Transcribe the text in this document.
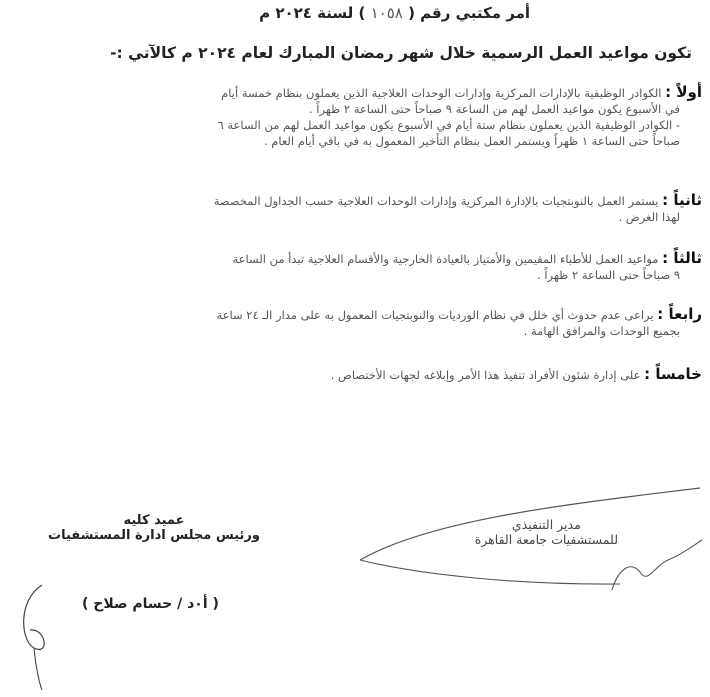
أمر مكتبي رقم ( ١٠٥٨ ) لسنة ٢٠٢٤ م
تكون مواعيد العمل الرسمية خلال شهر رمضان المبارك لعام ٢٠٢٤ م كالآتي :-
أولاً : الكوادر الوظيفية بالإدارات المركزية وإدارات الوحدات العلاجية الذين يعملون بنظام خمسة أيام
في الأسبوع يكون مواعيد العمل لهم من الساعة ٩ صباحاً حتى الساعة ٢ ظهراً .
- الكوادر الوظيفية الذين يعملون بنظام ستة أيام في الأسبوع يكون مواعيد العمل لهم من الساعة ٦
صباحاً حتى الساعة ١ ظهراً ويستمر العمل بنظام التأخير المعمول به في باقي أيام العام .
ثانياً : يستمر العمل بالنوبتجيات بالإدارة المركزية وإدارات الوحدات العلاجية حسب الجداول المخصصة
لهذا الغرض .
ثالثاً : مواعيد العمل للأطباء المقيمين والأمتياز بالعيادة الخارجية والأقسام العلاجية تبدأ من الساعة
٩ صباحاً حتى الساعة ٢ ظهراً .
رابعاً : يراعى عدم حدوث أي خلل في نظام الورديات والنوبتجيات المعمول به على مدار الـ ٢٤ ساعة
بجميع الوحدات والمرافق الهامة .
خامساً : على إدارة شئون الأفراد تنفيذ هذا الأمر وإبلاغه لجهات الأختصاص .
مدير التنفيذي
للمستشفيات جامعة القاهرة
عميد كليه
ورئيس مجلس ادارة المستشفيات
( أ٠د / حسام صلاح )
